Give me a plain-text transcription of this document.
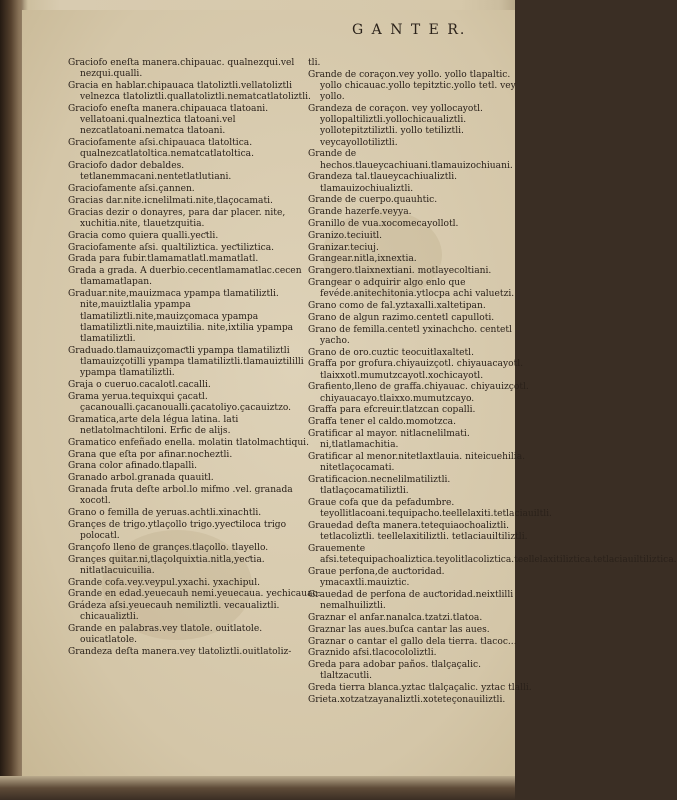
G A N T E R.

Graciofo eneſta manera.chipauac. qualnezqui.vel nezqui.qualli.

Gracia en hablar.chipauaca tlatoliztli.vellatoliztli velnezca tlatoliztli.quallatoliztli.nematcatlatoliztli.

Graciofo eneſta manera.chipauaca tlatoani. vellatoani.qualneztica tlatoani.vel nezcatlatoani.nematca tlatoani.

Graciofamente aſsi.chipauaca tlatoltica. qualnezcatlatoltica.nematcatlatoltica.

Graciofo dador debaldes. tetlanemmacani.nentetlatlutiani.

Graciofamente aſsi.çannen.

Gracias dar.nite.icnelilmati.nite,tlaçocamati.

Gracias dezir o donayres, para dar placer. nite, xuchitia.nite, tlauetzquitia.

Gracia como quiera qualli.yeƈtli.

Graciofamente aſsi. qualtiliztica. yeƈtiliztica.

Grada para fubir.tlamamatlatl.mamatlatl.

Grada a grada. A duerbio.cecentlamamatlac.cecen tlamamatlapan.

Graduar.nite,mauizmaca ypampa tlamatiliztli. nite,mauiztlalia ypampa tlamatiliztli.nite,mauizçomaca ypampa tlamatiliztli.nite,mauiztilia. nite,ixtilia ypampa tlamatiliztli.

Graduado.tlamauizçomaƈtli ypampa tlamatiliztli tlamauizçotilli ypampa tlamatiliztli.tlamauiztililli ypampa tlamatiliztli.

Graja o cueruo.cacalotl.cacalli.

Grama yerua.tequixqui çacatl. çacanoualli.çacanoualli.çacatoliyo.çacauiztzo.

Gramatica,arte dela légua latina. lati netlatolmachtiloni. Erfic de alijs.

Gramatico enfeñado enella. molatin tlatolmachtiqui.

Grana que eſta por afinar.nocheztli.

Grana color afinado.tlapalli.

Granado arbol.granada quauitl.

Granada fruta deſte arbol.lo mifmo .vel. granada xocotl.

Grano o femilla de yeruas.achtli.xinachtli.

Grançes de trigo.ytlaçollo trigo.yyeƈtiloca trigo polocatl.

Grançofo lleno de grançes.tlaçollo. tlayello.

Grançes quitar.ni,tlaçolquixtia.nitla,yeƈtia. nitlatlacuicuilia.

Grande cofa.vey.veypul.yxachi. yxachipul.

Grande en edad.yeuecauh nemi.yeuecaua. yechicauac.

Grádeza aſsi.yeuecauh nemiliztli. vecaualiztli. chicaualiztli.

Grande en palabras.vey tlatole. ouitlatole. ouicatlatole.

Grandeza deſta manera.vey tlatoliztli.ouitlatoliz-

tli.

Grande de coraçon.vey yollo. yollo tlapaltic. yollo chicauac.yollo tepitztic.yollo tetl. vey yollo.

Grandeza de coraçon. vey yollocayotl. yollopaltiliztli.yollochicaualiztli. yollotepitztiliztli. yollo tetiliztli. veycayollotiliztli.

Grande de hechos.tlaueycachiuani.tlamauizochiuani.

Grandeza tal.tlaueycachiualiztli. tlamauizochiualiztli.

Grande de cuerpo.quauhtic.

Grande hazerfe.veyya.

Granillo de vua.xocomecayollotl.

Granizo.teciuitl.

Granizar.teciuj.

Grangear.nitla,ixnextia.

Grangero.tlaixnextiani. motlayecoltiani.

Grangear o adquirir algo enlo que fevéde.anitechitonia.ytlocpa achi valuetzi.

Grano como de fal.yztaxalli.xaltetipan.

Grano de algun razimo.centetl capulloti.

Grano de femilla.centetl yxinachcho. centetl yacho.

Grano de oro.cuztic teocuitlaxaltetl.

Graffa por grofura.chiyauizçotl. chiyauacayotl. tlaixxotl.mumutzcayotl.xochicayotl.

Grafiento,lleno de graffa.chiyauac. chiyauizçotl. chiyauacayo.tlaixxo.mumutzcayo.

Graffa para efcreuir.tlatzcan copalli.

Graffa tener el caldo.momotzca.

Gratificar al mayor. nitlacnelilmati. ni,tlatlamachitia.

Gratificar al menor.nitetlaxtlauia. niteicuehilia. nitetlaçocamati.

Gratificacion.necnelilmatiliztli. tlatlaçocamatiliztli.

Graue cofa que da pefadumbre. teyollitlacoani.tequipacho.teellelaxiti.tetlaciauiltli.

Grauedad deſta manera.tetequiaochoaliztli. tetlacoliztli. teellelaxitiliztli. tetlaciauiltiliztli.

Grauemente afsi.tetequipachoaliztica.teyolitlacoliztica.teellelaxitiliztica.tetlaciauiltiliztica.

Graue perfona,de auƈtoridad. ymacaxtli.mauiztic.

Grauedad de perfona de auƈtoridad.neixtlilli nemalhuiliztli.

Graznar el anfar.nanalca.tzatzi.tlatoa.

Graznar las aues.buſca cantar las aues.

Graznar o cantar el gallo dela tierra. tlacoc...

Graznido afsi.tlacocololiztli.

Greda para adobar paños. tlalçaçalic. tlaltzacutli.

Greda tierra blanca.yztac tlalçaçalic. yztac tlalli.

Grieta.xotzatzayanaliztli.xoteteçonauiliztli.
